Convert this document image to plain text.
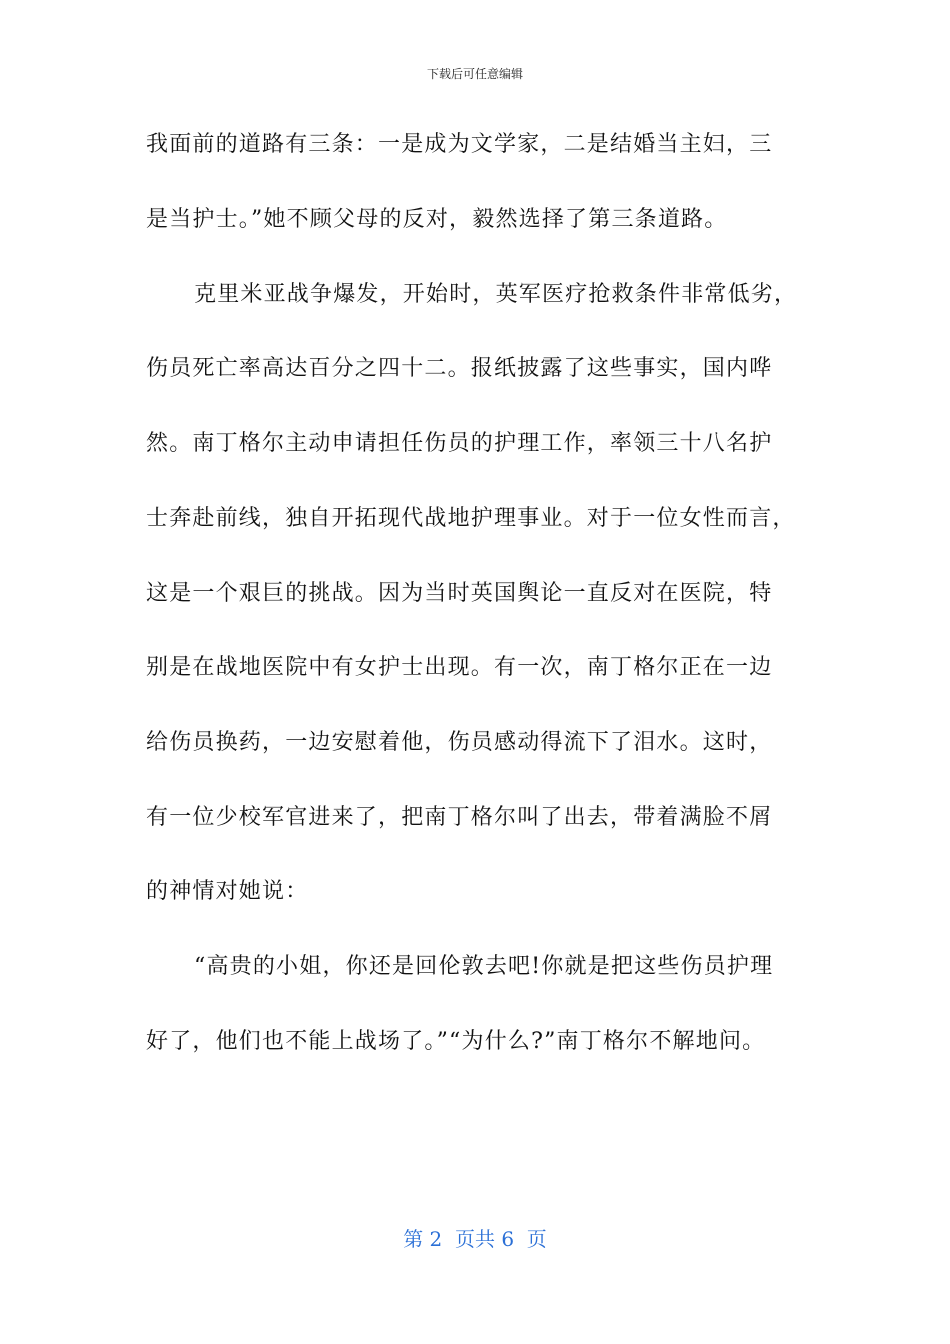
下载后可任意编辑
我面前的道路有三条：一是成为文学家，二是结婚当主妇，三
是当护士。”她不顾父母的反对，毅然选择了第三条道路。
克里米亚战争爆发，开始时，英军医疗抢救条件非常低劣，
伤员死亡率高达百分之四十二。报纸披露了这些事实，国内哗
然。南丁格尔主动申请担任伤员的护理工作，率领三十八名护
士奔赴前线，独自开拓现代战地护理事业。对于一位女性而言，
这是一个艰巨的挑战。因为当时英国舆论一直反对在医院，特
别是在战地医院中有女护士出现。有一次，南丁格尔正在一边
给伤员换药，一边安慰着他，伤员感动得流下了泪水。这时，
有一位少校军官进来了，把南丁格尔叫了出去，带着满脸不屑
的神情对她说：
“高贵的小姐，你还是回伦敦去吧!你就是把这些伤员护理
好了，他们也不能上战场了。”“为什么?”南丁格尔不解地问。
第 2  页共 6  页
